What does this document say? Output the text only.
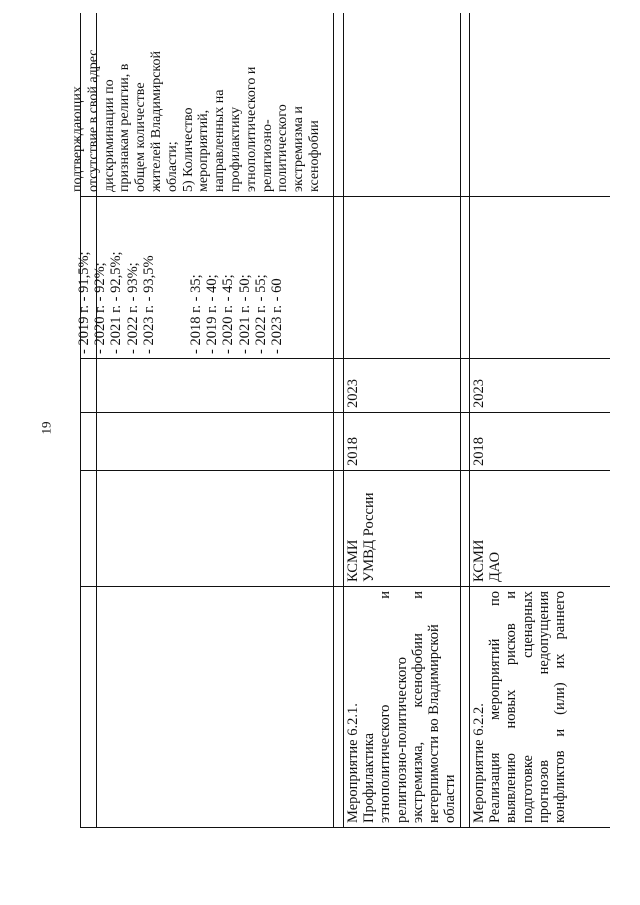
19

- 2019 г. - 91,5%; - 2020 г. - 92%; - 2021 г. - 92,5%; - 2022 г. - 93%; - 2023 г. - 93,5% - 2018 г. - 35; - 2019 г. - 40; - 2020 г. - 45; - 2021 г. - 50; - 2022 г. - 55; - 2023 г. - 60

подтверждающих отсутствие в свой адрес дискриминации по признакам религии, в общем количестве жителей Владимирской области; 5) Количество мероприятий, направленных на профилактику этнополитического и религиозно- политического экстремизма и ксенофобии

Мероприятие 6.2.1. Профилактика этнополитического и религиозно-политического экстремизма, ксенофобии и нетерпимости во Владимирской области

КСМИ УМВД России

2018
2023

Мероприятие 6.2.2. Реализация мероприятий по выявлению новых рисков и подготовке сценарных прогнозов недопущения конфликтов и (или) их раннего

КСМИ ДАО

2018
2023
